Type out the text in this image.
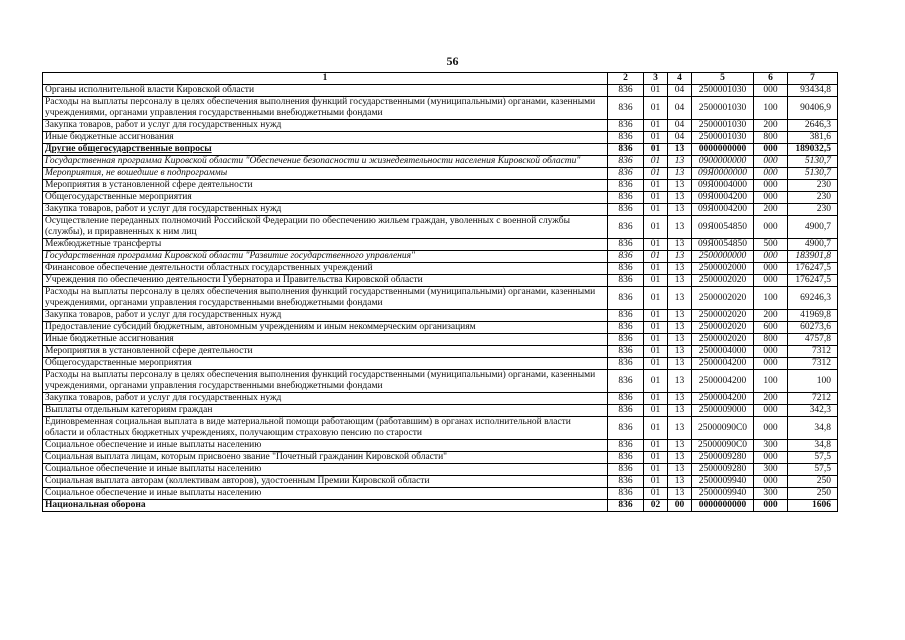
56
1	2	3	4	5	6	7
Органы исполнительной власти Кировской области	836	01	04	2500001030	000	93434,8
Расходы на выплаты персоналу в целях обеспечения выполнения функций государственными (муниципальными) органами, казенными учреждениями, органами управления государственными внебюджетными фондами	836	01	04	2500001030	100	90406,9
Закупка товаров, работ и услуг для государственных нужд	836	01	04	2500001030	200	2646,3
Иные бюджетные ассигнования	836	01	04	2500001030	800	381,6
Другие общегосударственные вопросы	836	01	13	0000000000	000	189032,5
Государственная программа Кировской области "Обеспечение безопасности и жизнедеятельности населения Кировской области"	836	01	13	0900000000	000	5130,7
Мероприятия, не вошедшие в подпрограммы	836	01	13	09Я0000000	000	5130,7
Мероприятия в установленной сфере деятельности	836	01	13	09Я0004000	000	230
Общегосударственные мероприятия	836	01	13	09Я0004200	000	230
Закупка товаров, работ и услуг для государственных нужд	836	01	13	09Я0004200	200	230
Осуществление переданных полномочий Российской Федерации по обеспечению жильем граждан, уволенных с военной службы (службы), и приравненных к ним лиц	836	01	13	09Я0054850	000	4900,7
Межбюджетные трансферты	836	01	13	09Я0054850	500	4900,7
Государственная программа Кировской области "Развитие государственного управления"	836	01	13	2500000000	000	183901,8
Финансовое обеспечение деятельности областных государственных учреждений	836	01	13	2500002000	000	176247,5
Учреждения по обеспечению деятельности Губернатора и Правительства Кировской области	836	01	13	2500002020	000	176247,5
Расходы на выплаты персоналу в целях обеспечения выполнения функций государственными (муниципальными) органами, казенными учреждениями, органами управления государственными внебюджетными фондами	836	01	13	2500002020	100	69246,3
Закупка товаров, работ и услуг для государственных нужд	836	01	13	2500002020	200	41969,8
Предоставление субсидий бюджетным, автономным учреждениям и иным некоммерческим организациям	836	01	13	2500002020	600	60273,6
Иные бюджетные ассигнования	836	01	13	2500002020	800	4757,8
Мероприятия в установленной сфере деятельности	836	01	13	2500004000	000	7312
Общегосударственные мероприятия	836	01	13	2500004200	000	7312
Расходы на выплаты персоналу в целях обеспечения выполнения функций государственными (муниципальными) органами, казенными учреждениями, органами управления государственными внебюджетными фондами	836	01	13	2500004200	100	100
Закупка товаров, работ и услуг для государственных нужд	836	01	13	2500004200	200	7212
Выплаты отдельным категориям граждан	836	01	13	2500009000	000	342,3
Единовременная социальная выплата в виде материальной помощи работающим (работавшим) в органах исполнительной власти области и областных бюджетных учреждениях, получающим страховую пенсию по старости	836	01	13	25000090С0	000	34,8
Социальное обеспечение и иные выплаты населению	836	01	13	25000090С0	300	34,8
Социальная выплата лицам, которым присвоено звание "Почетный гражданин Кировской области"	836	01	13	2500009280	000	57,5
Социальное обеспечение и иные выплаты населению	836	01	13	2500009280	300	57,5
Социальная выплата авторам (коллективам авторов), удостоенным Премии Кировской области	836	01	13	2500009940	000	250
Социальное обеспечение и иные выплаты населению	836	01	13	2500009940	300	250
Национальная оборона	836	02	00	0000000000	000	1606
